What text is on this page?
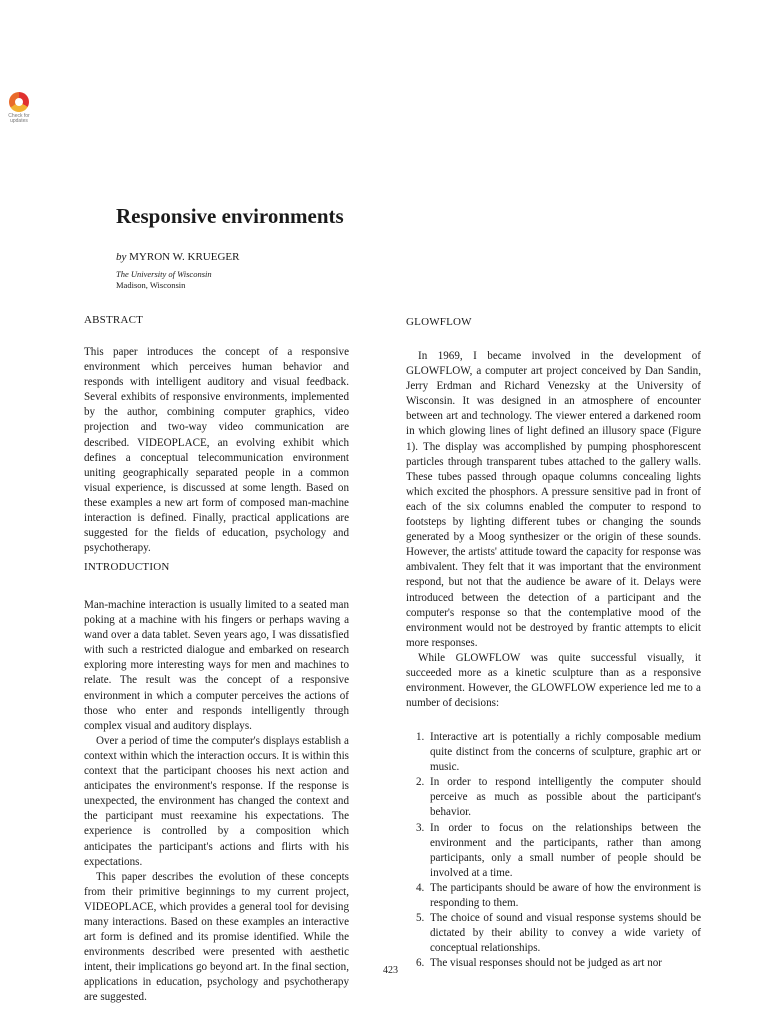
Check for updates
Responsive environments
by MYRON W. KRUEGER
The University of Wisconsin
Madison, Wisconsin
ABSTRACT

This paper introduces the concept of a responsive environment which perceives human behavior and responds with intelligent auditory and visual feedback. Several exhibits of responsive environments, implemented by the author, combining computer graphics, video projection and two-way video communication are described. VIDEOPLACE, an evolving exhibit which defines a conceptual telecommunication environment uniting geographically separated people in a common visual experience, is discussed at some length. Based on these examples a new art form of composed man-machine interaction is defined. Finally, practical applications are suggested for the fields of education, psychology and psychotherapy.

INTRODUCTION

Man-machine interaction is usually limited to a seated man poking at a machine with his fingers or perhaps waving a wand over a data tablet. Seven years ago, I was dissatisfied with such a restricted dialogue and embarked on research exploring more interesting ways for men and machines to relate. The result was the concept of a responsive environment in which a computer perceives the actions of those who enter and responds intelligently through complex visual and auditory displays.

Over a period of time the computer's displays establish a context within which the interaction occurs. It is within this context that the participant chooses his next action and anticipates the environment's response. If the response is unexpected, the environment has changed the context and the participant must reexamine his expectations. The experience is controlled by a composition which anticipates the participant's actions and flirts with his expectations.

This paper describes the evolution of these concepts from their primitive beginnings to my current project, VIDEOPLACE, which provides a general tool for devising many interactions. Based on these examples an interactive art form is defined and its promise identified. While the environments described were presented with aesthetic intent, their implications go beyond art. In the final section, applications in education, psychology and psychotherapy are suggested.

GLOWFLOW

In 1969, I became involved in the development of GLOWFLOW, a computer art project conceived by Dan Sandin, Jerry Erdman and Richard Venezsky at the University of Wisconsin. It was designed in an atmosphere of encounter between art and technology. The viewer entered a darkened room in which glowing lines of light defined an illusory space (Figure 1). The display was accomplished by pumping phosphorescent particles through transparent tubes attached to the gallery walls. These tubes passed through opaque columns concealing lights which excited the phosphors. A pressure sensitive pad in front of each of the six columns enabled the computer to respond to footsteps by lighting different tubes or changing the sounds generated by a Moog synthesizer or the origin of these sounds. However, the artists' attitude toward the capacity for response was ambivalent. They felt that it was important that the environment respond, but not that the audience be aware of it. Delays were introduced between the detection of a participant and the computer's response so that the contemplative mood of the environment would not be destroyed by frantic attempts to elicit more responses.

While GLOWFLOW was quite successful visually, it succeeded more as a kinetic sculpture than as a responsive environment. However, the GLOWFLOW experience led me to a number of decisions:

1. Interactive art is potentially a richly composable medium quite distinct from the concerns of sculpture, graphic art or music.
2. In order to respond intelligently the computer should perceive as much as possible about the participant's behavior.
3. In order to focus on the relationships between the environment and the participants, rather than among participants, only a small number of people should be involved at a time.
4. The participants should be aware of how the environment is responding to them.
5. The choice of sound and visual response systems should be dictated by their ability to convey a wide variety of conceptual relationships.
6. The visual responses should not be judged as art nor
423
